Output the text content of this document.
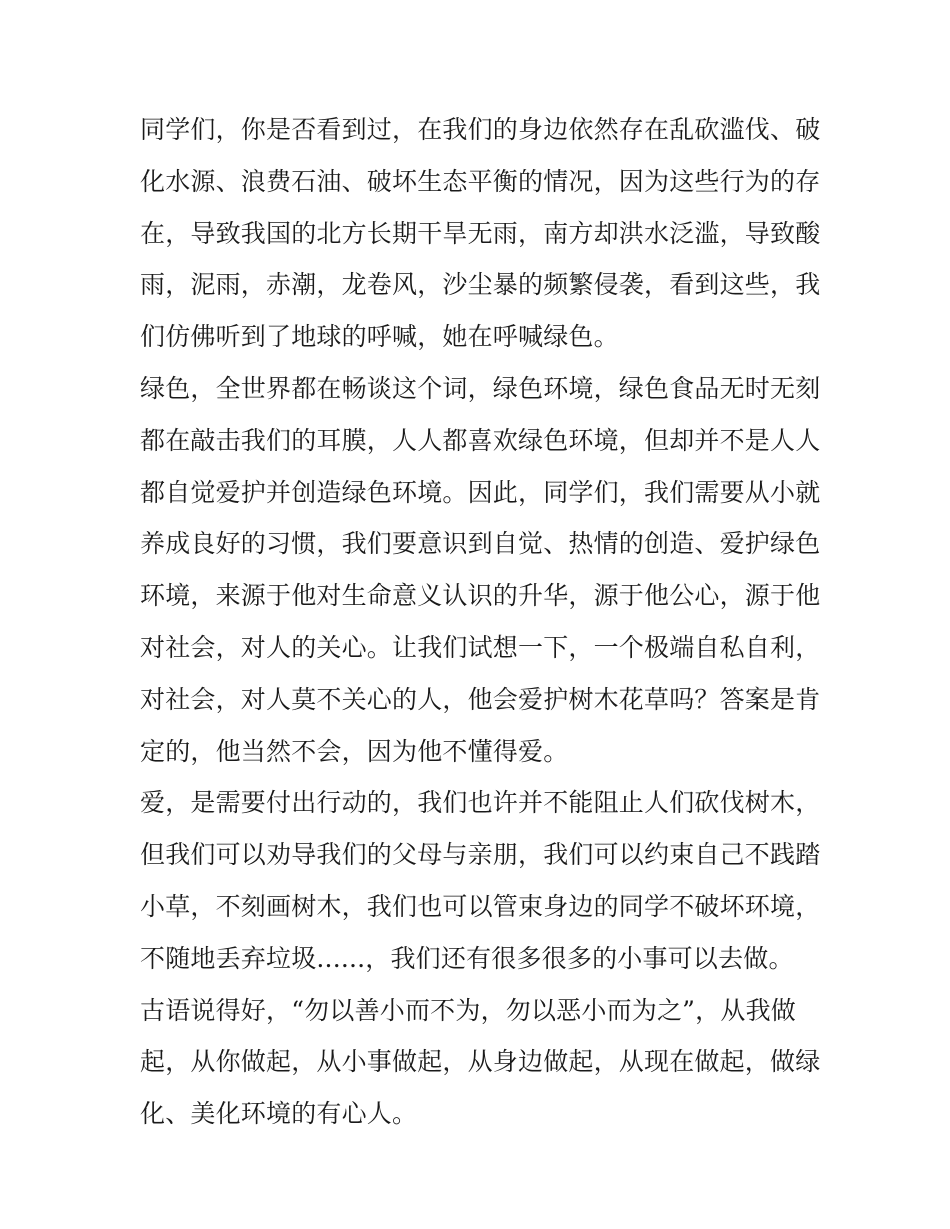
同学们，你是否看到过，在我们的身边依然存在乱砍滥伐、破
化水源、浪费石油、破坏生态平衡的情况，因为这些行为的存
在，导致我国的北方长期干旱无雨，南方却洪水泛滥，导致酸
雨，泥雨，赤潮，龙卷风，沙尘暴的频繁侵袭，看到这些，我
们仿佛听到了地球的呼喊，她在呼喊绿色。
绿色，全世界都在畅谈这个词，绿色环境，绿色食品无时无刻
都在敲击我们的耳膜，人人都喜欢绿色环境，但却并不是人人
都自觉爱护并创造绿色环境。因此，同学们，我们需要从小就
养成良好的习惯，我们要意识到自觉、热情的创造、爱护绿色
环境，来源于他对生命意义认识的升华，源于他公心，源于他
对社会，对人的关心。让我们试想一下，一个极端自私自利，
对社会，对人莫不关心的人，他会爱护树木花草吗？答案是肯
定的，他当然不会，因为他不懂得爱。
爱，是需要付出行动的，我们也许并不能阻止人们砍伐树木，
但我们可以劝导我们的父母与亲朋，我们可以约束自己不践踏
小草，不刻画树木，我们也可以管束身边的同学不破坏环境，
不随地丢弃垃圾......，我们还有很多很多的小事可以去做。
古语说得好，“勿以善小而不为，勿以恶小而为之”，从我做
起，从你做起，从小事做起，从身边做起，从现在做起，做绿
化、美化环境的有心人。
